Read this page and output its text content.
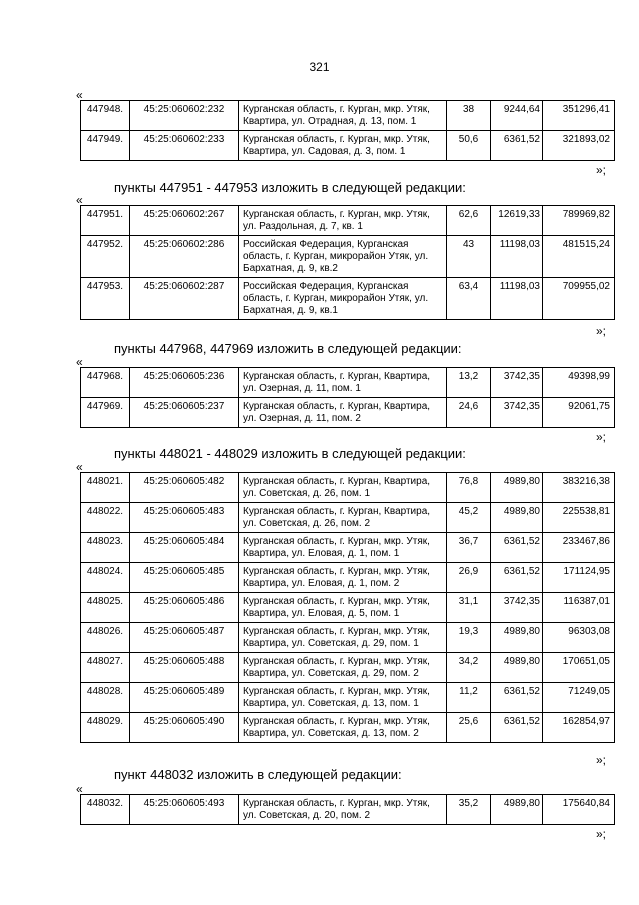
321
«
447948.	45:25:060602:232	Курганская область, г. Курган, мкр. Утяк, Квартира, ул. Отрадная, д. 13, пом. 1	38	9244,64	351296,41
447949.	45:25:060602:233	Курганская область, г. Курган, мкр. Утяк, Квартира, ул. Садовая, д. 3, пом. 1	50,6	6361,52	321893,02
»;
пункты 447951 - 447953 изложить в следующей редакции:
«
447951.	45:25:060602:267	Курганская область, г. Курган, мкр. Утяк, ул. Раздольная, д. 7, кв. 1	62,6	12619,33	789969,82
447952.	45:25:060602:286	Российская Федерация, Курганская область, г. Курган, микрорайон Утяк, ул. Бархатная, д. 9, кв.2	43	11198,03	481515,24
447953.	45:25:060602:287	Российская Федерация, Курганская область, г. Курган, микрорайон Утяк, ул. Бархатная, д. 9, кв.1	63,4	11198,03	709955,02
»;
пункты 447968, 447969 изложить в следующей редакции:
«
447968.	45:25:060605:236	Курганская область, г. Курган, Квартира, ул. Озерная, д. 11, пом. 1	13,2	3742,35	49398,99
447969.	45:25:060605:237	Курганская область, г. Курган, Квартира, ул. Озерная, д. 11, пом. 2	24,6	3742,35	92061,75
»;
пункты 448021 - 448029 изложить в следующей редакции:
«
448021.	45:25:060605:482	Курганская область, г. Курган, Квартира, ул. Советская, д. 26, пом. 1	76,8	4989,80	383216,38
448022.	45:25:060605:483	Курганская область, г. Курган, Квартира, ул. Советская, д. 26, пом. 2	45,2	4989,80	225538,81
448023.	45:25:060605:484	Курганская область, г. Курган, мкр. Утяк, Квартира, ул. Еловая, д. 1, пом. 1	36,7	6361,52	233467,86
448024.	45:25:060605:485	Курганская область, г. Курган, мкр. Утяк, Квартира, ул. Еловая, д. 1, пом. 2	26,9	6361,52	171124,95
448025.	45:25:060605:486	Курганская область, г. Курган, мкр. Утяк, Квартира, ул. Еловая, д. 5, пом. 1	31,1	3742,35	116387,01
448026.	45:25:060605:487	Курганская область, г. Курган, мкр. Утяк, Квартира, ул. Советская, д. 29, пом. 1	19,3	4989,80	96303,08
448027.	45:25:060605:488	Курганская область, г. Курган, мкр. Утяк, Квартира, ул. Советская, д. 29, пом. 2	34,2	4989,80	170651,05
448028.	45:25:060605:489	Курганская область, г. Курган, мкр. Утяк, Квартира, ул. Советская, д. 13, пом. 1	11,2	6361,52	71249,05
448029.	45:25:060605:490	Курганская область, г. Курган, мкр. Утяк, Квартира, ул. Советская, д. 13, пом. 2	25,6	6361,52	162854,97
»;
пункт 448032 изложить в следующей редакции:
«
448032.	45:25:060605:493	Курганская область, г. Курган, мкр. Утяк, ул. Советская, д. 20, пом. 2	35,2	4989,80	175640,84
»;
